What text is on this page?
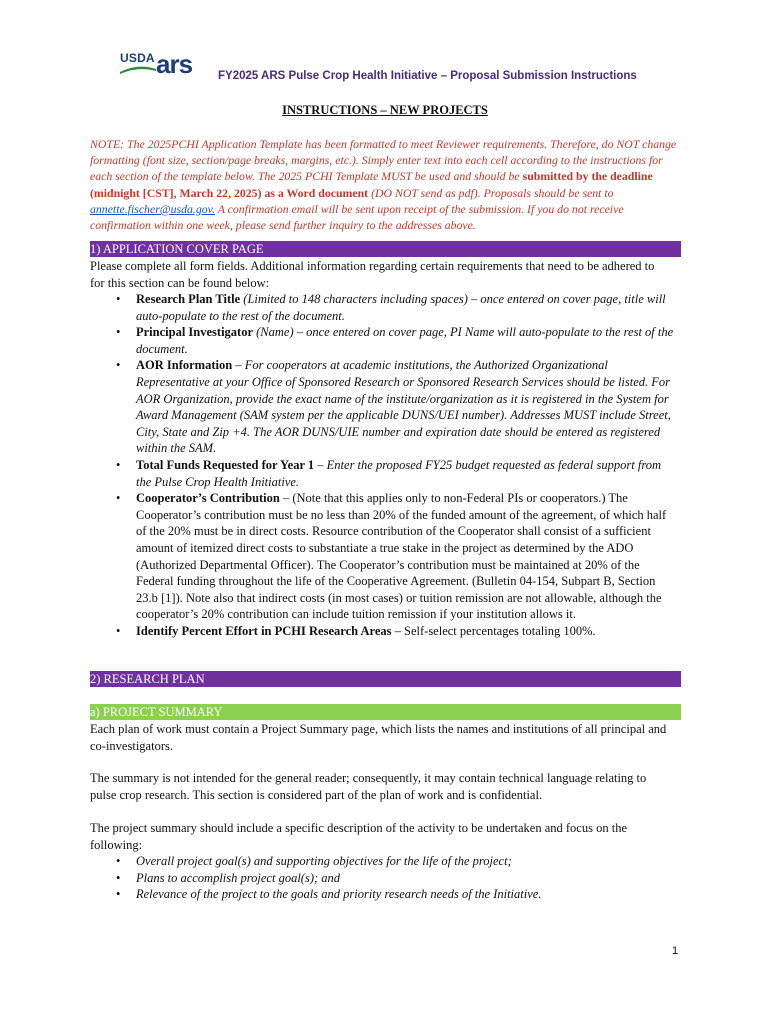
USDA ars FY2025 ARS Pulse Crop Health Initiative – Proposal Submission Instructions
INSTRUCTIONS – NEW PROJECTS
NOTE: The 2025PCHI Application Template has been formatted to meet Reviewer requirements. Therefore, do NOT change formatting (font size, section/page breaks, margins, etc.). Simply enter text into each cell according to the instructions for each section of the template below. The 2025 PCHI Template MUST be used and should be submitted by the deadline (midnight [CST], March 22, 2025) as a Word document (DO NOT send as pdf). Proposals should be sent to annette.fischer@usda.gov. A confirmation email will be sent upon receipt of the submission. If you do not receive confirmation within one week, please send further inquiry to the addresses above.
1) APPLICATION COVER PAGE
Please complete all form fields. Additional information regarding certain requirements that need to be adhered to for this section can be found below:
• Research Plan Title (Limited to 148 characters including spaces) – once entered on cover page, title will auto-populate to the rest of the document.
• Principal Investigator (Name) – once entered on cover page, PI Name will auto-populate to the rest of the document.
• AOR Information – For cooperators at academic institutions, the Authorized Organizational Representative at your Office of Sponsored Research or Sponsored Research Services should be listed. For AOR Organization, provide the exact name of the institute/organization as it is registered in the System for Award Management (SAM system per the applicable DUNS/UEI number). Addresses MUST include Street, City, State and Zip +4. The AOR DUNS/UIE number and expiration date should be entered as registered within the SAM.
• Total Funds Requested for Year 1 – Enter the proposed FY25 budget requested as federal support from the Pulse Crop Health Initiative.
• Cooperator’s Contribution – (Note that this applies only to non-Federal PIs or cooperators.) The Cooperator’s contribution must be no less than 20% of the funded amount of the agreement, of which half of the 20% must be in direct costs. Resource contribution of the Cooperator shall consist of a sufficient amount of itemized direct costs to substantiate a true stake in the project as determined by the ADO (Authorized Departmental Officer). The Cooperator’s contribution must be maintained at 20% of the Federal funding throughout the life of the Cooperative Agreement. (Bulletin 04-154, Subpart B, Section 23.b [1]). Note also that indirect costs (in most cases) or tuition remission are not allowable, although the cooperator’s 20% contribution can include tuition remission if your institution allows it.
• Identify Percent Effort in PCHI Research Areas – Self-select percentages totaling 100%.
2) RESEARCH PLAN
a) PROJECT SUMMARY
Each plan of work must contain a Project Summary page, which lists the names and institutions of all principal and co-investigators.
The summary is not intended for the general reader; consequently, it may contain technical language relating to pulse crop research. This section is considered part of the plan of work and is confidential.
The project summary should include a specific description of the activity to be undertaken and focus on the following:
• Overall project goal(s) and supporting objectives for the life of the project;
• Plans to accomplish project goal(s); and
• Relevance of the project to the goals and priority research needs of the Initiative.
1
